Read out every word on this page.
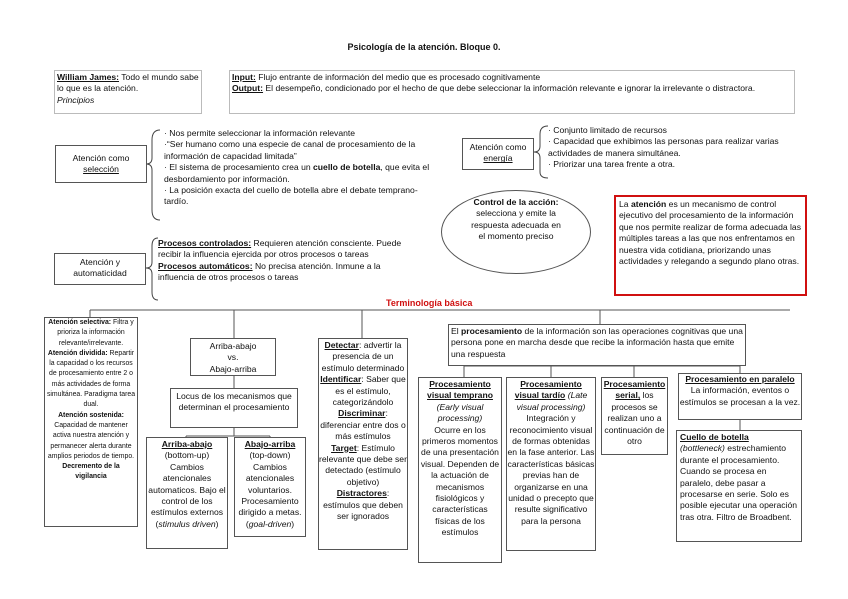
Psicología de la atención. Bloque 0.
William James: Todo el mundo sabe lo que es la atención.
Principios
Input: Flujo entrante de información del medio que es procesado cognitivamente
Output: El desempeño, condicionado por el hecho de que debe seleccionar la información relevante e ignorar la irrelevante o distractora.
Atención como
selección
· Nos permite seleccionar la información relevante
·“Ser humano como una especie de canal de procesamiento de la información de capacidad limitada”
· El sistema de procesamiento crea un cuello de botella, que evita el desbordamiento por información.
· La posición exacta del cuello de botella abre el debate temprano-tardío.
Atención como
energía
· Conjunto limitado de recursos
· Capacidad que exhibimos las personas para realizar varias actividades de manera simultánea.
· Priorizar una tarea frente a otra.
Control de la acción:
selecciona y emite la respuesta adecuada en el momento preciso
La atención es un mecanismo de control ejecutivo del procesamiento de la información que nos permite realizar de forma adecuada las múltiples tareas a las que nos enfrentamos en nuestra vida cotidiana, priorizando unas actividades y relegando a segundo plano otras.
Atención y
automaticidad
Procesos controlados: Requieren atención consciente. Puede recibir la influencia ejercida por otros procesos o tareas
Procesos automáticos: No precisa atención. Inmune a la influencia de otros procesos o tareas
Terminología básica
Atención selectiva: Filtra y prioriza la información relevante/irrelevante.
Atención dividida: Repartir la capacidad o los recursos de procesamiento entre 2 o más actividades de forma simultánea. Paradigma tarea dual.
Atención sostenida: Capacidad de mantener activa nuestra atención y permanecer alerta durante amplios periodos de tiempo.
Decremento de la vigilancia
Arriba-abajo
vs.
Abajo-arriba
Locus de los mecanismos que determinan el procesamiento
Arriba-abajo
(bottom-up) Cambios atencionales automaticos. Bajo el control de los estímulos externos (stimulus driven)
Abajo-arriba
(top-down) Cambios atencionales voluntarios. Procesamiento dirigido a metas. (goal-driven)
Detectar: advertir la presencia de un estímulo determinado
Identificar: Saber que es el estímulo, categorizándolo
Discriminar: diferenciar entre dos o más estímulos
Target: Estímulo relevante que debe ser detectado (estímulo objetivo)
Distractores: estímulos que deben ser ignorados
El procesamiento de la información son las operaciones cognitivas que una persona pone en marcha desde que recibe la información hasta que emite una respuesta
Procesamiento visual temprano
(Early visual processing)
Ocurre en los primeros momentos de una presentación visual. Dependen de la actuación de mecanismos fisiológicos y características físicas de los estímulos
Procesamiento visual tardío (Late visual processing)
Integración y reconocimiento visual de formas obtenidas en la fase anterior. Las características básicas previas han de organizarse en una unidad o precepto que resulte significativo para la persona
Procesamiento serial, los procesos se realizan uno a continuación de otro
Procesamiento en paralelo
La información, eventos o estímulos se procesan a la vez.
Cuello de botella
(bottleneck) estrechamiento durante el procesamiento. Cuando se procesa en paralelo, debe pasar a procesarse en serie. Solo es posible ejecutar una operación tras otra. Filtro de Broadbent.
